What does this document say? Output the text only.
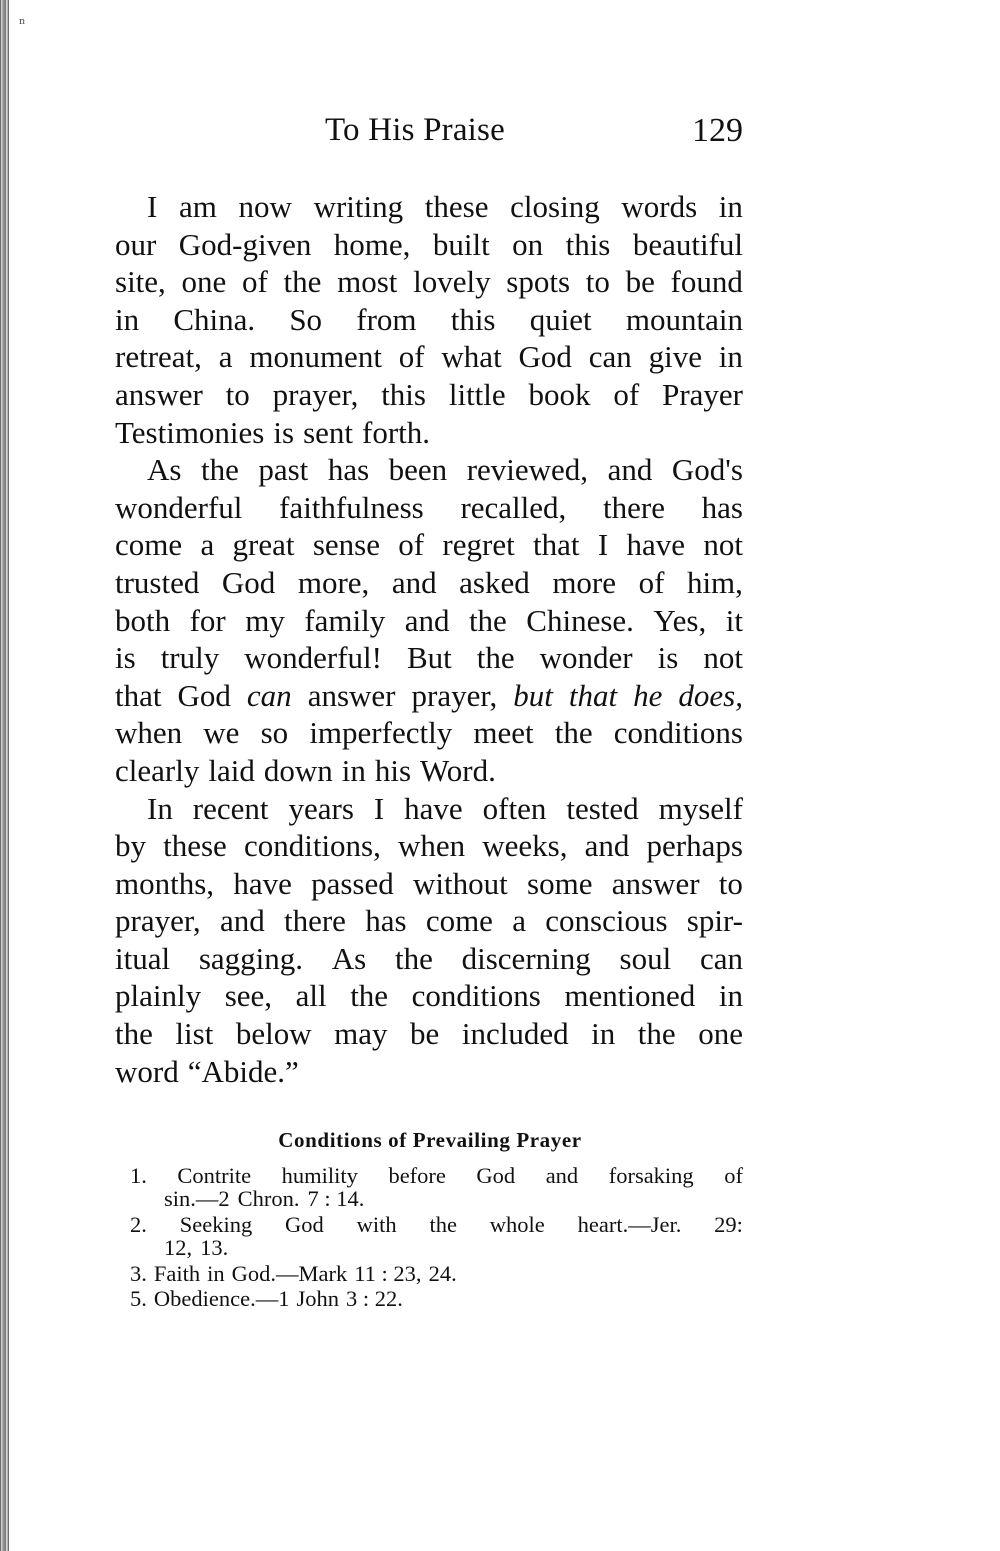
ռ
To His Praise	129
I am now writing these closing words in
our God-given home, built on this beautiful
site, one of the most lovely spots to be found
in China. So from this quiet mountain
retreat, a monument of what God can give in
answer to prayer, this little book of Prayer
Testimonies is sent forth.
As the past has been reviewed, and God's
wonderful faithfulness recalled, there has
come a great sense of regret that I have not
trusted God more, and asked more of him,
both for my family and the Chinese. Yes, it
is truly wonderful! But the wonder is not
that God can answer prayer, but that he does,
when we so imperfectly meet the conditions
clearly laid down in his Word.
In recent years I have often tested myself
by these conditions, when weeks, and perhaps
months, have passed without some answer to
prayer, and there has come a conscious spir-
itual sagging. As the discerning soul can
plainly see, all the conditions mentioned in
the list below may be included in the one
word “Abide.”
Conditions of Prevailing Prayer
1. Contrite humility before God and forsaking of
sin.—2 Chron. 7 : 14.
2. Seeking God with the whole heart.—Jer. 29:
12, 13.
3. Faith in God.—Mark 11 : 23, 24.
5. Obedience.—1 John 3 : 22.
